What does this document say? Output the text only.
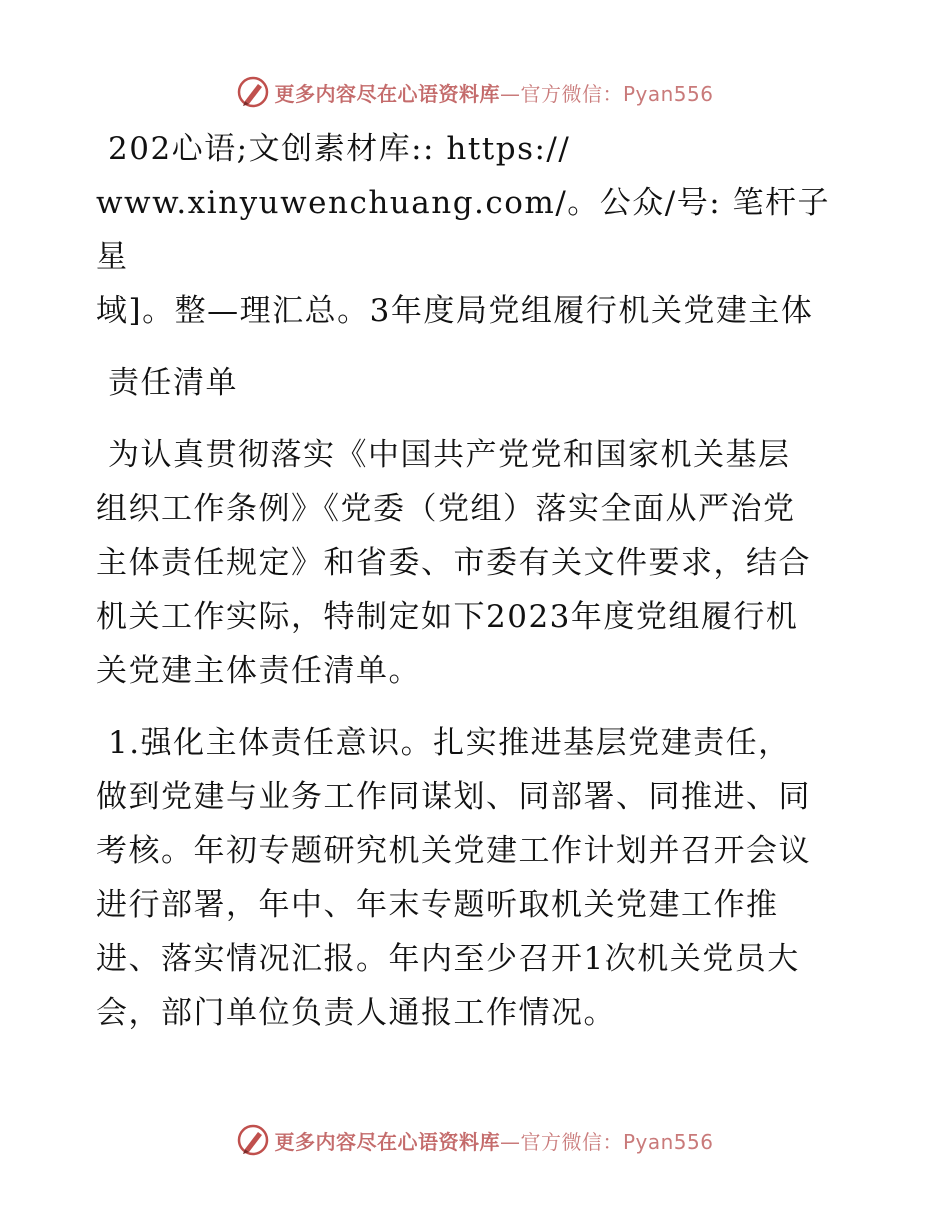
更多内容尽在心语资料库—官方微信：Pyan556

202心语;文创素材库:: https://
www.xinyuwenchuang.com/。公众/号: 笔杆子星
域]。整—理汇总。3年度局党组履行机关党建主体

责任清单

为认真贯彻落实《中国共产党党和国家机关基层
组织工作条例》《党委（党组）落实全面从严治党
主体责任规定》和省委、市委有关文件要求，结合
机关工作实际，特制定如下2023年度党组履行机
关党建主体责任清单。

1.强化主体责任意识。扎实推进基层党建责任，
做到党建与业务工作同谋划、同部署、同推进、同
考核。年初专题研究机关党建工作计划并召开会议
进行部署，年中、年末专题听取机关党建工作推
进、落实情况汇报。年内至少召开1次机关党员大
会，部门单位负责人通报工作情况。

更多内容尽在心语资料库—官方微信：Pyan556
